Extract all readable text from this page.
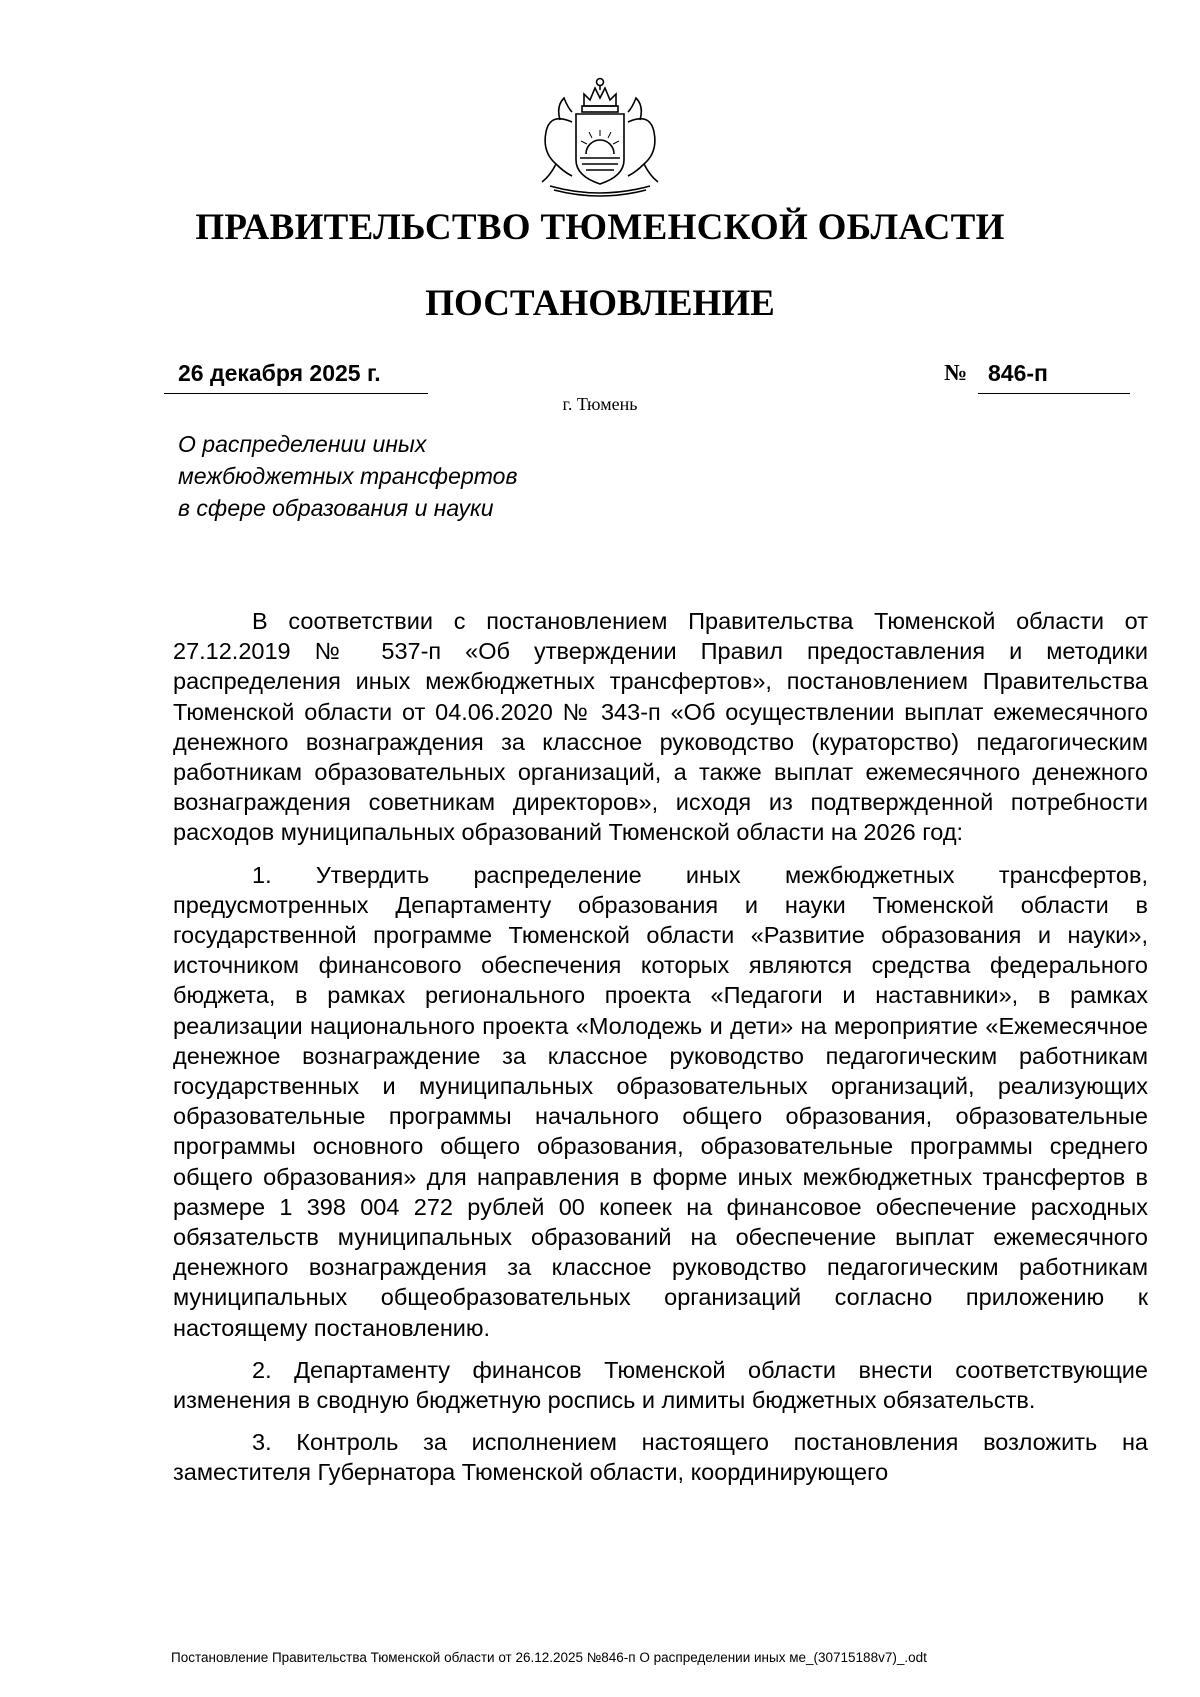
ПРАВИТЕЛЬСТВО ТЮМЕНСКОЙ ОБЛАСТИ
ПОСТАНОВЛЕНИЕ
26 декабря 2025 г.	№ 846-п
г. Тюмень
О распределении иных
межбюджетных трансфертов
в сфере образования и науки

В соответствии с постановлением Правительства Тюменской области от 27.12.2019 № 537-п «Об утверждении Правил предоставления и методики распределения иных межбюджетных трансфертов», постановлением Правительства Тюменской области от 04.06.2020 № 343-п «Об осуществлении выплат ежемесячного денежного вознаграждения за классное руководство (кураторство) педагогическим работникам образовательных организаций, а также выплат ежемесячного денежного вознаграждения советникам директоров», исходя из подтвержденной потребности расходов муниципальных образований Тюменской области на 2026 год:

1. Утвердить распределение иных межбюджетных трансфертов, предусмотренных Департаменту образования и науки Тюменской области в государственной программе Тюменской области «Развитие образования и науки», источником финансового обеспечения которых являются средства федерального бюджета, в рамках регионального проекта «Педагоги и наставники», в рамках реализации национального проекта «Молодежь и дети» на мероприятие «Ежемесячное денежное вознаграждение за классное руководство педагогическим работникам государственных и муниципальных образовательных организаций, реализующих образовательные программы начального общего образования, образовательные программы основного общего образования, образовательные программы среднего общего образования» для направления в форме иных межбюджетных трансфертов в размере 1 398 004 272 рублей 00 копеек на финансовое обеспечение расходных обязательств муниципальных образований на обеспечение выплат ежемесячного денежного вознаграждения за классное руководство педагогическим работникам муниципальных общеобразовательных организаций согласно приложению к настоящему постановлению.

2. Департаменту финансов Тюменской области внести соответствующие изменения в сводную бюджетную роспись и лимиты бюджетных обязательств.

3. Контроль за исполнением настоящего постановления возложить на заместителя Губернатора Тюменской области, координирующего

Постановление Правительства Тюменской области от 26.12.2025 №846-п О распределении иных ме_(30715188v7)_.odt
